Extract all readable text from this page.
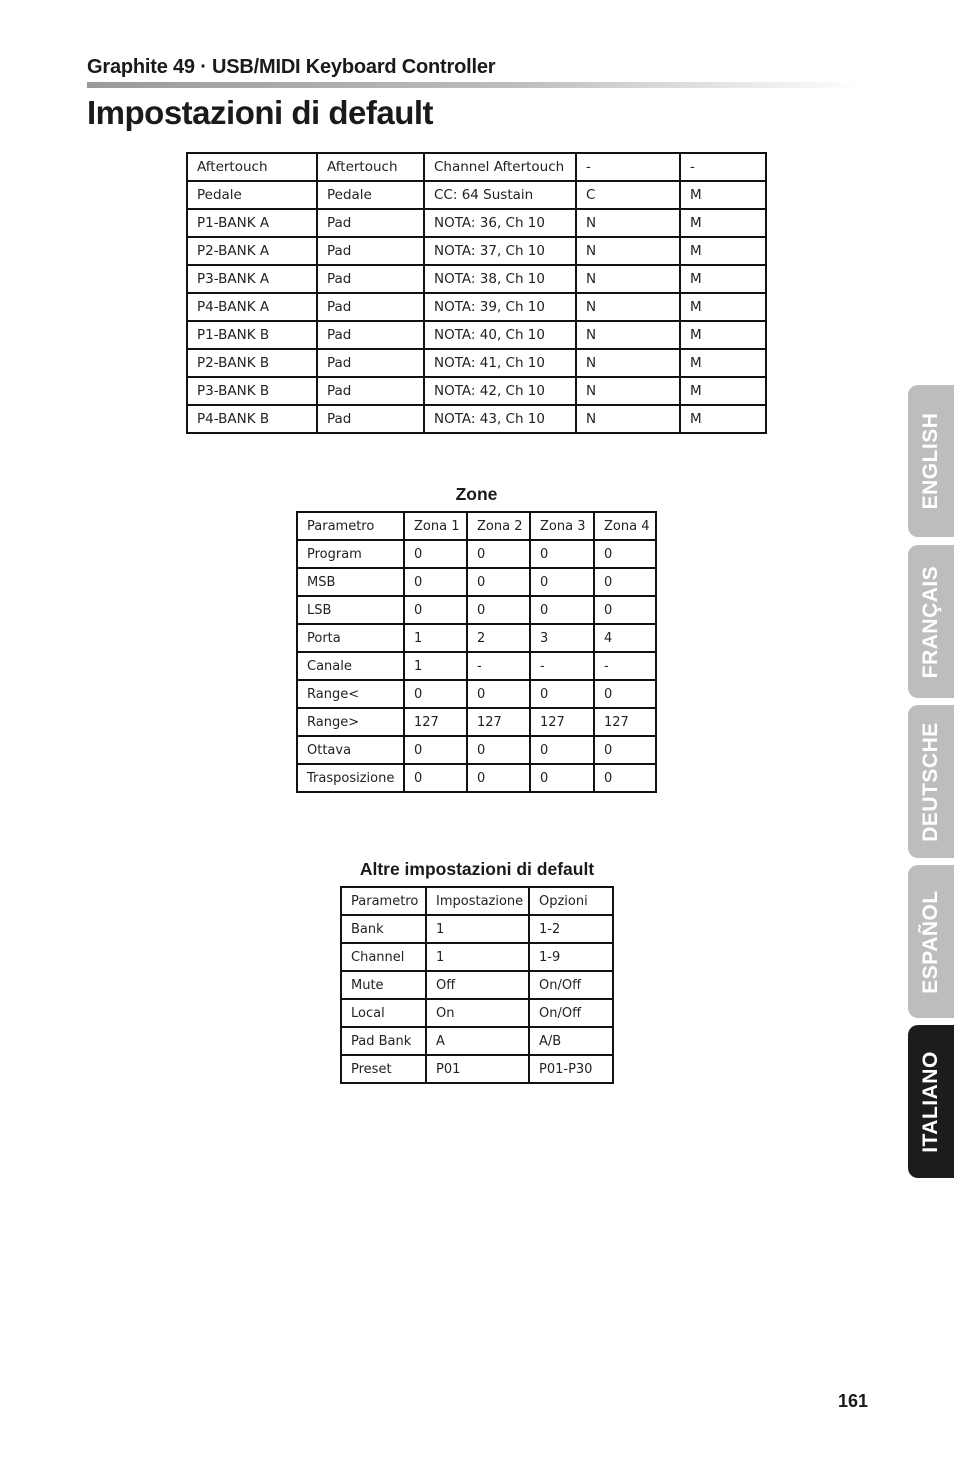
Graphite 49 · USB/MIDI Keyboard Controller
Impostazioni di default
Aftertouch	Aftertouch	Channel Aftertouch	-	-
Pedale	Pedale	CC: 64 Sustain	C	M
P1-BANK A	Pad	NOTA: 36, Ch 10	N	M
P2-BANK A	Pad	NOTA: 37, Ch 10	N	M
P3-BANK A	Pad	NOTA: 38, Ch 10	N	M
P4-BANK A	Pad	NOTA: 39, Ch 10	N	M
P1-BANK B	Pad	NOTA: 40, Ch 10	N	M
P2-BANK B	Pad	NOTA: 41, Ch 10	N	M
P3-BANK B	Pad	NOTA: 42, Ch 10	N	M
P4-BANK B	Pad	NOTA: 43, Ch 10	N	M
Zone
Parametro	Zona 1	Zona 2	Zona 3	Zona 4
Program	0	0	0	0
MSB	0	0	0	0
LSB	0	0	0	0
Porta	1	2	3	4
Canale	1	-	-	-
Range<	0	0	0	0
Range>	127	127	127	127
Ottava	0	0	0	0
Trasposizione	0	0	0	0
Altre impostazioni di default
Parametro	Impostazione	Opzioni
Bank	1	1-2
Channel	1	1-9
Mute	Off	On/Off
Local	On	On/Off
Pad Bank	A	A/B
Preset	P01	P01-P30
ENGLISH
FRANÇAIS
DEUTSCHE
ESPAÑOL
ITALIANO
161
